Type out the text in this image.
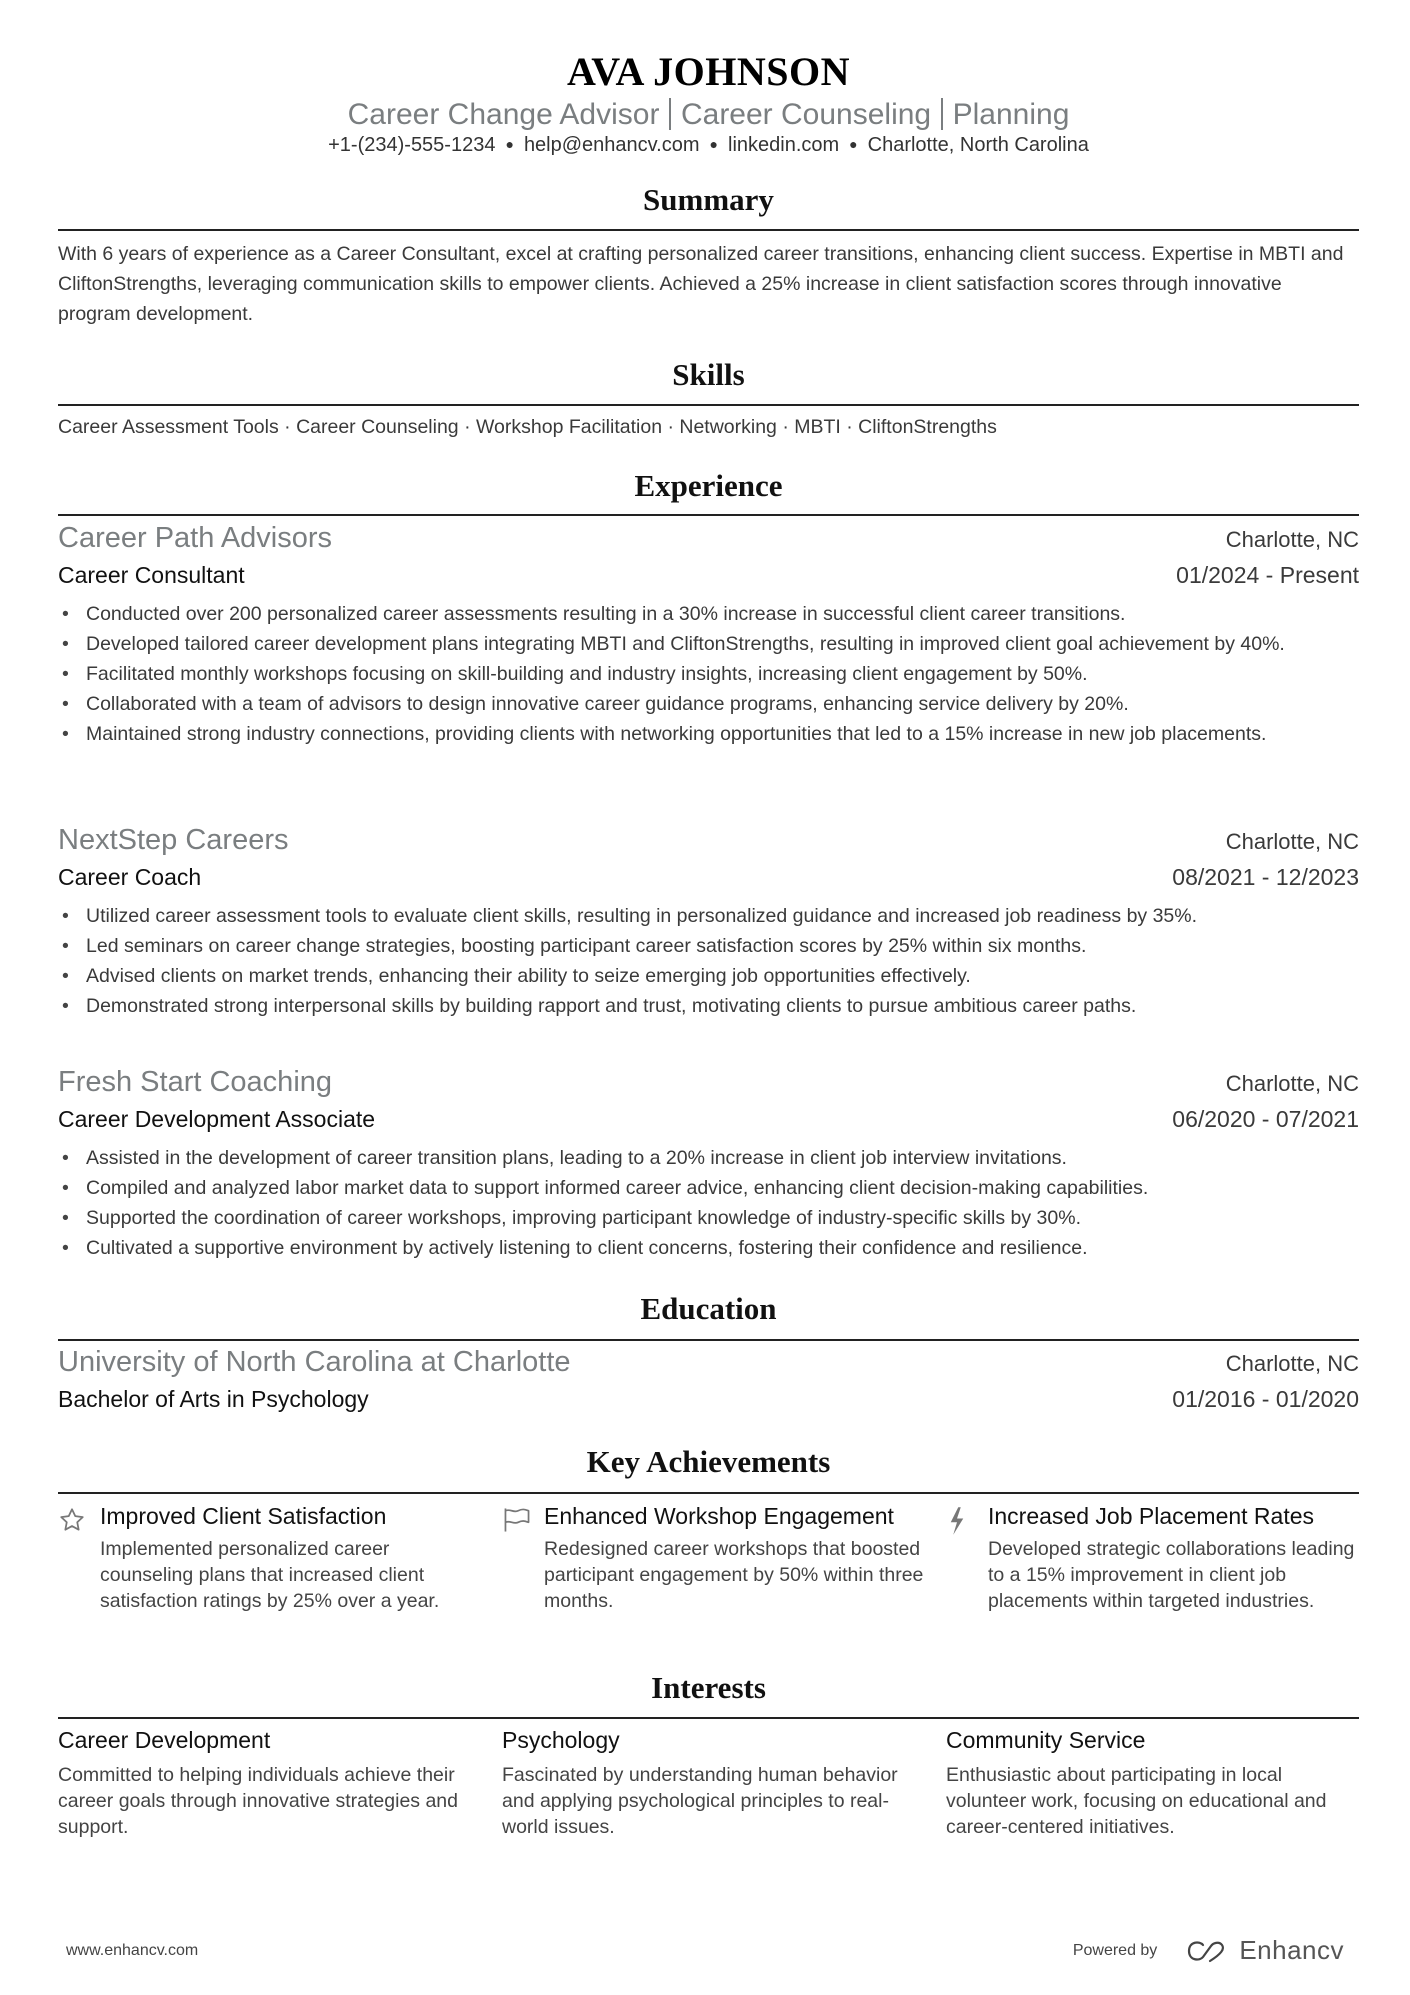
AVA JOHNSON
Career Change Advisor Career Counseling Planning
+1-(234)-555-1234 ● help@enhancv.com ● linkedin.com ● Charlotte, North Carolina
Summary
With 6 years of experience as a Career Consultant, excel at crafting personalized career transitions, enhancing client success. Expertise in MBTI and CliftonStrengths, leveraging communication skills to empower clients. Achieved a 25% increase in client satisfaction scores through innovative program development.
Skills
Career Assessment Tools · Career Counseling · Workshop Facilitation · Networking · MBTI · CliftonStrengths
Experience
Career Path Advisors	Charlotte, NC
Career Consultant	01/2024 - Present
• Conducted over 200 personalized career assessments resulting in a 30% increase in successful client career transitions.
• Developed tailored career development plans integrating MBTI and CliftonStrengths, resulting in improved client goal achievement by 40%.
• Facilitated monthly workshops focusing on skill-building and industry insights, increasing client engagement by 50%.
• Collaborated with a team of advisors to design innovative career guidance programs, enhancing service delivery by 20%.
• Maintained strong industry connections, providing clients with networking opportunities that led to a 15% increase in new job placements.
NextStep Careers	Charlotte, NC
Career Coach	08/2021 - 12/2023
• Utilized career assessment tools to evaluate client skills, resulting in personalized guidance and increased job readiness by 35%.
• Led seminars on career change strategies, boosting participant career satisfaction scores by 25% within six months.
• Advised clients on market trends, enhancing their ability to seize emerging job opportunities effectively.
• Demonstrated strong interpersonal skills by building rapport and trust, motivating clients to pursue ambitious career paths.
Fresh Start Coaching	Charlotte, NC
Career Development Associate	06/2020 - 07/2021
• Assisted in the development of career transition plans, leading to a 20% increase in client job interview invitations.
• Compiled and analyzed labor market data to support informed career advice, enhancing client decision-making capabilities.
• Supported the coordination of career workshops, improving participant knowledge of industry-specific skills by 30%.
• Cultivated a supportive environment by actively listening to client concerns, fostering their confidence and resilience.
Education
University of North Carolina at Charlotte	Charlotte, NC
Bachelor of Arts in Psychology	01/2016 - 01/2020
Key Achievements
Improved Client Satisfaction
Implemented personalized career counseling plans that increased client satisfaction ratings by 25% over a year.
Enhanced Workshop Engagement
Redesigned career workshops that boosted participant engagement by 50% within three months.
Increased Job Placement Rates
Developed strategic collaborations leading to a 15% improvement in client job placements within targeted industries.
Interests
Career Development
Committed to helping individuals achieve their career goals through innovative strategies and support.
Psychology
Fascinated by understanding human behavior and applying psychological principles to real-world issues.
Community Service
Enthusiastic about participating in local volunteer work, focusing on educational and career-centered initiatives.
www.enhancv.com	Powered by	Enhancv
